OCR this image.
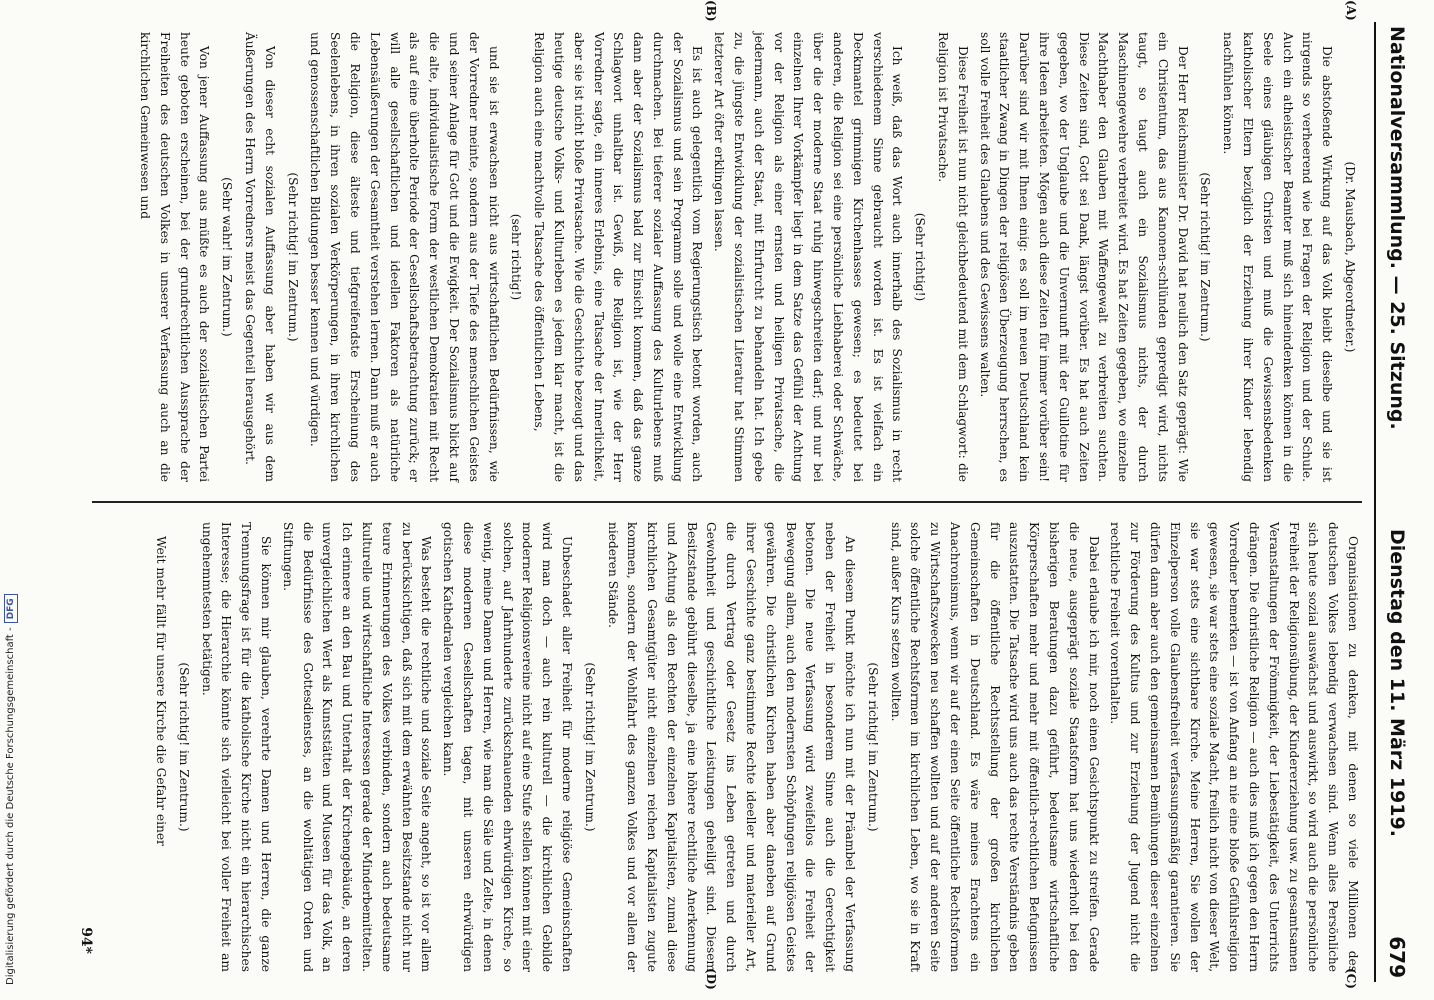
Digitalisierung gefördert durch die Deutsche Forschungsgemeinschaft -
DFG
Nationalversammlung. — 25. Sitzung.
Dienstag den 11. März 1919.
679

(Dr. Mausbach, Abgeordneter.)

Die abstoßende Wirkung auf das Volk bleibt dieselbe und sie ist nirgends so verheerend wie bei Fragen der Religion und der Schule. Auch ein atheistischer Beamter muß sich hineindenken können in die Seele eines gläubigen Christen und muß die Gewissensbedenken katholischer Eltern bezüglich der Erziehung ihrer Kinder lebendig nachfühlen können.

(Sehr richtig! im Zentrum.)

Der Herr Reichsminister Dr. David hat neulich den Satz geprägt: Wie ein Christentum, das aus Kanonen-schlünden gepredigt wird, nichts taugt, so taugt auch ein Sozialismus nichts, der durch Maschinengewehre verbreitet wird. Es hat Zeiten gegeben, wo einzelne Machthaber den Glauben mit Waffengewalt zu verbreiten suchten. Diese Zeiten sind, Gott sei Dank, längst vorüber. Es hat auch Zeiten gegeben, wo der Unglaube und die Unvernunft mit der Guillotine für ihre Ideen arbeiteten. Mögen auch diese Zeiten für immer vorüber sein! Darüber sind wir mit Ihnen einig: es soll im neuen Deutschland kein staatlicher Zwang in Dingen der religiösen Überzeugung herrschen, es soll volle Freiheit des Glaubens und des Gewissens walten.

Diese Freiheit ist nun nicht gleichbedeutend mit dem Schlagwort: die Religion ist Privatsache.

(Sehr richtig!)

Ich weiß, daß das Wort auch innerhalb des Sozialismus in recht verschiedenem Sinne gebraucht worden ist. Es ist vielfach ein Deckmantel grimmigen Kirchenhasses gewesen; es bedeutet bei anderen, die Religion sei eine persönliche Liebhaberei oder Schwäche, über die der moderne Staat ruhig hinwegschreiten darf; und nur bei einzelnen Ihrer Vorkämpfer liegt in dem Satze das Gefühl der Achtung vor der Religion als einer ernsten und heiligen Privatsache, die jedermann, auch der Staat, mit Ehrfurcht zu behandeln hat. Ich gebe zu, die jüngste Entwicklung der sozialistischen Literatur hat Stimmen letzterer Art öfter erklingen lassen.

Es ist auch gelegentlich vom Regierungstisch betont worden, auch der Sozialismus und sein Programm solle und wolle eine Entwicklung durchmachen. Bei tieferer sozialer Auffassung des Kulturlebens muß dann aber der Sozialismus bald zur Einsicht kommen, daß das ganze Schlagwort unhaltbar ist. Gewiß, die Religion ist, wie der Herr Vorredner sagte, ein inneres Erlebnis, eine Tatsache der Innerlichkeit, aber sie ist nicht bloße Privatsache. Wie die Geschichte bezeugt und das heutige deutsche Volks- und Kulturleben es jedem klar macht, ist die Religion auch eine machtvolle Tatsache des öffentlichen Lebens,

(sehr richtig!)

und sie ist erwachsen nicht aus wirtschaftlichen Bedürfnissen, wie der Vorredner meinte, sondern aus der Tiefe des menschlichen Geistes und seiner Anlage für Gott und die Ewigkeit. Der Sozialismus blickt auf die alte, individualistische Form der westlichen Demokratien mit Recht als auf eine überholte Periode der Gesellschaftsbetrachtung zurück; er will alle gesellschaftlichen und ideellen Faktoren als natürliche Lebensäußerungen der Gesamtheit verstehen lernen. Dann muß er auch die Religion, diese älteste und tiefgreifendste Erscheinung des Seelenlebens, in ihren sozialen Verkörperungen, in ihren kirchlichen und genossenschaftlichen Bildungen besser kennen und würdigen.

(Sehr richtig! im Zentrum.)

Von dieser echt sozialen Auffassung aber haben wir aus dem Äußerungen des Herrn Vorredners meist das Gegenteil herausgehört.

(Sehr wahr! im Zentrum.)

Von jener Auffassung aus müßte es auch der sozialistischen Partei heute geboten erscheinen, bei der grundrechtlichen Aussprache der Freiheiten des deutschen Volkes in unserer Verfassung auch an die kirchlichen Gemeinwesen und

Organisationen zu denken, mit denen so viele Millionen des deutschen Volkes lebendig verwachsen sind. Wenn alles Persönliche sich heute sozial auswächst und auswirkt, so wird auch die persönliche Freiheit der Religionsübung, der Kindererziehung usw. zu gesamtsamen Veranstaltungen der Frömmigkeit, der Liebestätigkeit, des Unterrichts drängen. Die christliche Religion — auch dies muß ich gegen den Herrn Vorredner bemerken — ist von Anfang an nie eine bloße Gefühlsreligion gewesen, sie war stets eine soziale Macht, freilich nicht von dieser Welt, sie war stets eine sichtbare Kirche. Meine Herren, Sie wollen der Einzelperson volle Glaubensfreiheit verfassungsmäßig garantieren. Sie dürfen dann aber auch den gemeinsamen Bemühungen dieser einzelnen zur Förderung des Kultus und zur Erziehung der Jugend nicht die rechtliche Freiheit vorenthalten.

Dabei erlaube ich mir, noch einen Gesichtspunkt zu streifen. Gerade die neue, ausgeprägt soziale Staatsform hat uns wiederholt bei den bisherigen Beratungen dazu geführt, bedeutsame wirtschaftliche Körperschaften mehr und mehr mit öffentlich-rechtlichen Befugnissen auszustatten. Die Tatsache wird uns auch das rechte Verständnis geben für die öffentliche Rechtsstellung der großen kirchlichen Gemeinschaften in Deutschland. Es wäre meines Erachtens ein Anachronismus, wenn wir auf der einen Seite öffentliche Rechtsformen zu Wirtschaftszwecken neu schaffen wollten und auf der anderen Seite solche öffentliche Rechtsformen im kirchlichen Leben, wo sie in Kraft sind, außer Kurs setzen wollten.

(Sehr richtig! im Zentrum.)

An diesem Punkt möchte ich nun mit der Präambel der Verfassung neben der Freiheit in besonderem Sinne auch die Gerechtigkeit betonen. Die neue Verfassung wird zweifellos die Freiheit der Bewegung allem, auch den modernsten Schöpfungen religiösen Geistes gewähren. Die christlichen Kirchen haben aber daneben auf Grund ihrer Geschichte ganz bestimmte Rechte ideeller und materieller Art, die durch Vertrag oder Gesetz ins Leben getreten und durch Gewohnheit und geschichtliche Leistungen geheiligt sind. Diesem Besitzstande gebührt dieselbe, ja eine höhere rechtliche Anerkennung und Achtung als den Rechten der einzelnen Kapitalisten, zumal diese kirchlichen Gesamtgüter nicht einzelnen reichen Kapitalisten zugute kommen, sondern der Wohlfahrt des ganzen Volkes und vor allem der niederen Stände.

(Sehr richtig! im Zentrum.)

Unbeschadet aller Freiheit für moderne religiöse Gemeinschaften wird man doch — auch rein kulturell — die kirchlichen Gebilde moderner Religionsvereine nicht auf eine Stufe stellen können mit einer solchen, auf Jahrhunderte zurückschauenden ehrwürdigen Kirche, so wenig, meine Damen und Herren, wie man die Säle und Zelte, in denen diese modernen Gesellschaften tagen, mit unseren ehrwürdigen gotischen Kathedralen vergleichen kann.

Was besteht die rechtliche und soziale Seite angeht, so ist vor allem zu berücksichtigen, daß sich mit dem erwähnten Besitzstande nicht nur teure Erinnerungen des Volkes verbinden, sondern auch bedeutsame kulturelle und wirtschaftliche Interessen gerade der Minderbemittelten. Ich erinnere an den Bau und Unterhalt der Kirchengebäude, an deren unvergleichlichen Wert als Kunststätten und Museen für das Volk, an die Bedürfnisse des Gottesdienstes, an die wohltätigen Orden und Stiftungen.

Sie können mir glauben, verehrte Damen und Herren, die ganze Trennungsfrage ist für die katholische Kirche nicht ein hierarchisches Interesse; die Hierarchie könnte sich vielleicht bei voller Freiheit am ungehemmtesten betätigen.

(Sehr richtig! im Zentrum.)

Weit mehr fällt für unsere Kirche die Gefahr einer

(A)
(B)
(C)
(D)
94*
